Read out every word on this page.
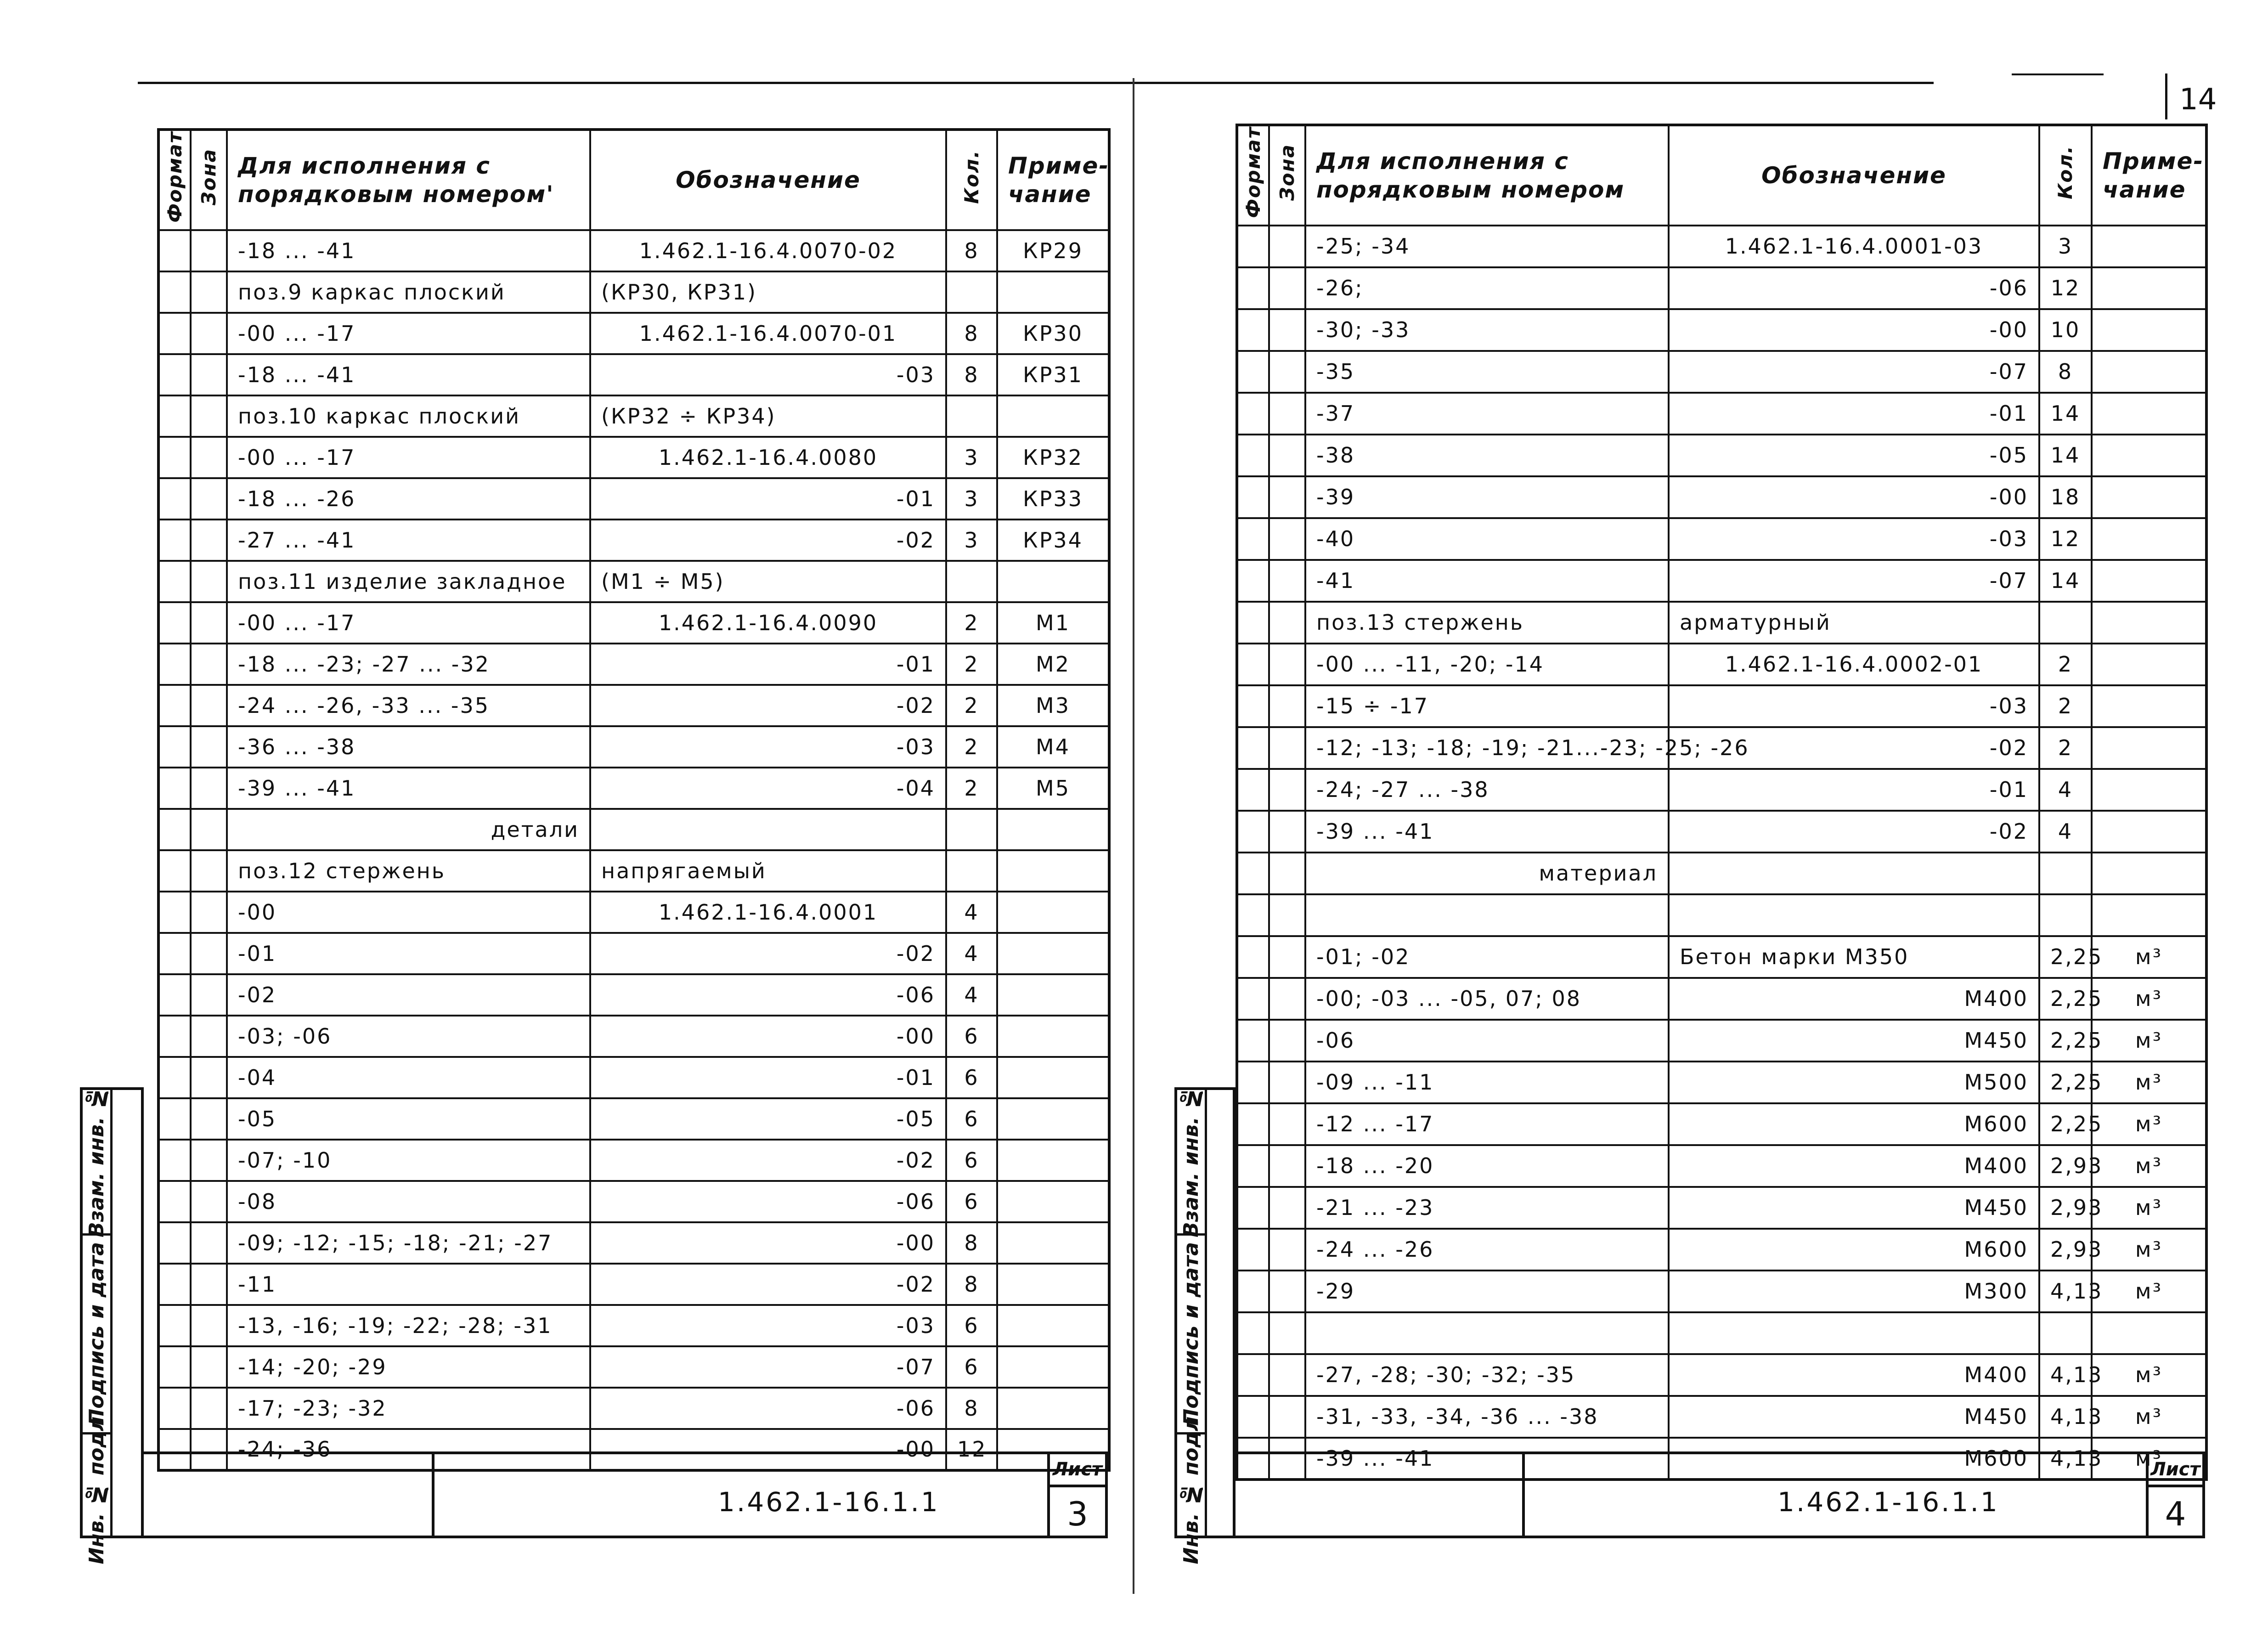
14
Взам. инв. №
Подпись и дата
Инв. № подл.
Формат	Зона	Для исполнения с порядковым номером'	Обозначение	Кол.	Приме-чание
		-18 ... -41	1.462.1-16.4.0070-02	8	КР29
		поз.9 каркас плоский	(КР30, КР31)		
		-00 ... -17	1.462.1-16.4.0070-01	8	КР30
		-18 ... -41	-03	8	КР31
		поз.10 каркас плоский	(КР32 ÷ КР34)		
		-00 ... -17	1.462.1-16.4.0080	3	КР32
		-18 ... -26	-01	3	КР33
		-27 ... -41	-02	3	КР34
		поз.11 изделие закладное	(М1 ÷ М5)		
		-00 ... -17	1.462.1-16.4.0090	2	М1
		-18 ... -23; -27 ... -32	-01	2	М2
		-24 ... -26, -33 ... -35	-02	2	М3
		-36 ... -38	-03	2	М4
		-39 ... -41	-04	2	М5
		детали			
		поз.12 стержень	напрягаемый		
		-00	1.462.1-16.4.0001	4	
		-01	-02	4	
		-02	-06	4	
		-03; -06	-00	6	
		-04	-01	6	
		-05	-05	6	
		-07; -10	-02	6	
		-08	-06	6	
		-09; -12; -15; -18; -21; -27	-00	8	
		-11	-02	8	
		-13, -16; -19; -22; -28; -31	-03	6	
		-14; -20; -29	-07	6	
		-17; -23; -32	-06	8	
		-24; -36	-00	12	
1.462.1-16.1.1
Лист
3
Взам. инв. №
Подпись и дата
Инв. № подл.
Формат	Зона	Для исполнения с порядковым номером	Обозначение	Кол.	Приме-чание
		-25; -34	1.462.1-16.4.0001-03	3	
		-26;	-06	12	
		-30; -33	-00	10	
		-35	-07	8	
		-37	-01	14	
		-38	-05	14	
		-39	-00	18	
		-40	-03	12	
		-41	-07	14	
		поз.13 стержень	арматурный		
		-00 ... -11, -20; -14	1.462.1-16.4.0002-01	2	
		-15 ÷ -17	-03	2	
		-12; -13; -18; -19; -21...-23; -25; -26	-02	2	
		-24; -27 ... -38	-01	4	
		-39 ... -41	-02	4	
		материал			

		-01; -02	Бетон марки М350	2,25	м³
		-00; -03 ... -05, 07; 08	М400	2,25	м³
		-06	М450	2,25	м³
		-09 ... -11	М500	2,25	м³
		-12 ... -17	М600	2,25	м³
		-18 ... -20	М400	2,93	м³
		-21 ... -23	М450	2,93	м³
		-24 ... -26	М600	2,93	м³
		-29	М300	4,13	м³

		-27, -28; -30; -32; -35	М400	4,13	м³
		-31, -33, -34, -36 ... -38	М450	4,13	м³
		-39 ... -41	М600	4,13	м³
1.462.1-16.1.1
Лист
4
